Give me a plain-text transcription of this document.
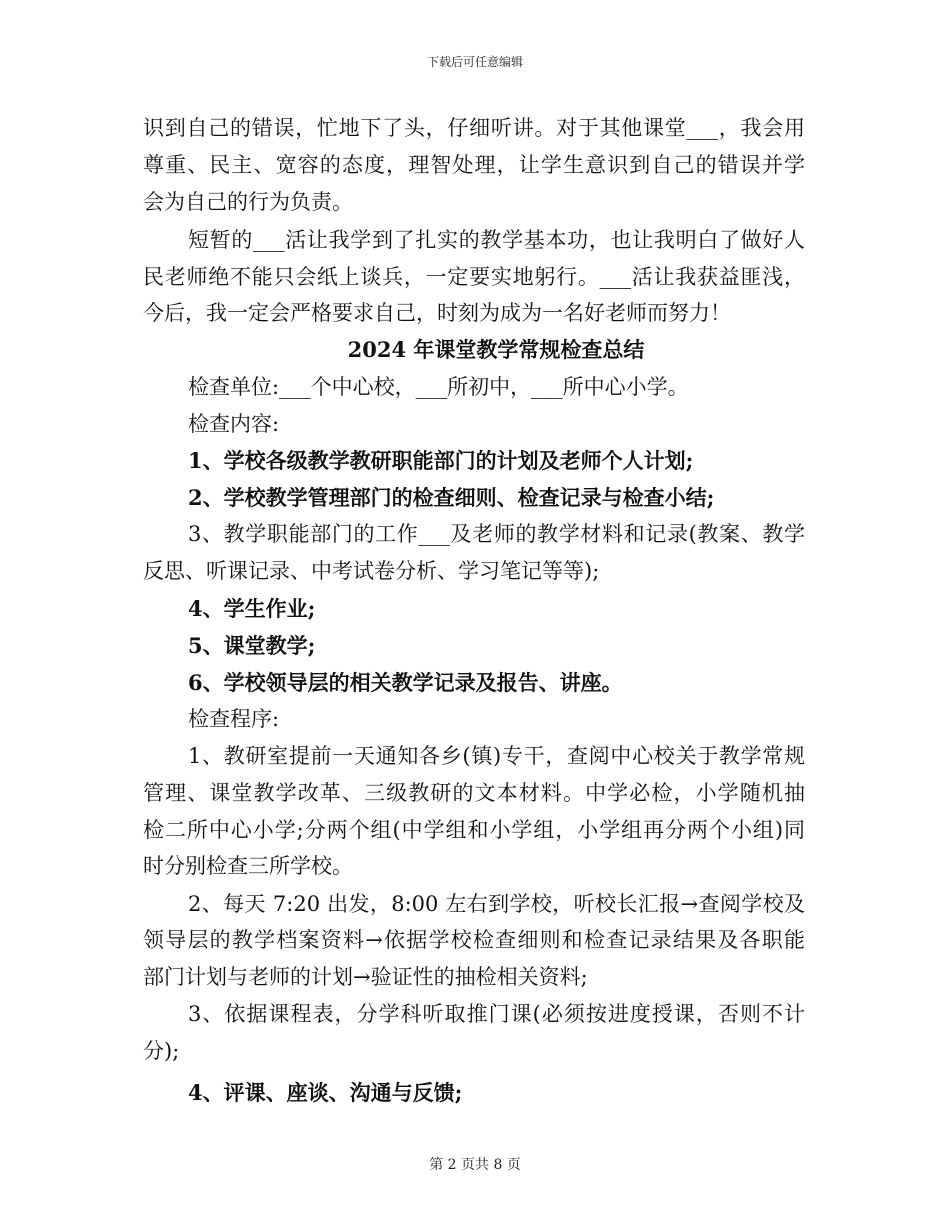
下载后可任意编辑
识到自己的错误，忙地下了头，仔细听讲。对于其他课堂___，我会用
尊重、民主、宽容的态度，理智处理，让学生意识到自己的错误并学
会为自己的行为负责。
短暂的___活让我学到了扎实的教学基本功，也让我明白了做好人
民老师绝不能只会纸上谈兵，一定要实地躬行。___活让我获益匪浅，
今后，我一定会严格要求自己，时刻为成为一名好老师而努力！
2024 年课堂教学常规检查总结
检查单位:___个中心校，___所初中，___所中心小学。
检查内容:
1、学校各级教学教研职能部门的计划及老师个人计划;
2、学校教学管理部门的检查细则、检查记录与检查小结;
3、教学职能部门的工作___及老师的教学材料和记录(教案、教学
反思、听课记录、中考试卷分析、学习笔记等等);
4、学生作业;
5、课堂教学;
6、学校领导层的相关教学记录及报告、讲座。
检查程序:
1、教研室提前一天通知各乡(镇)专干，查阅中心校关于教学常规
管理、课堂教学改革、三级教研的文本材料。中学必检，小学随机抽
检二所中心小学;分两个组(中学组和小学组，小学组再分两个小组)同
时分别检查三所学校。
2、每天 7:20 出发，8:00 左右到学校，听校长汇报→查阅学校及
领导层的教学档案资料→依据学校检查细则和检查记录结果及各职能
部门计划与老师的计划→验证性的抽检相关资料;
3、依据课程表，分学科听取推门课(必须按进度授课，否则不计
分);
4、评课、座谈、沟通与反馈;
第 2 页共 8 页
